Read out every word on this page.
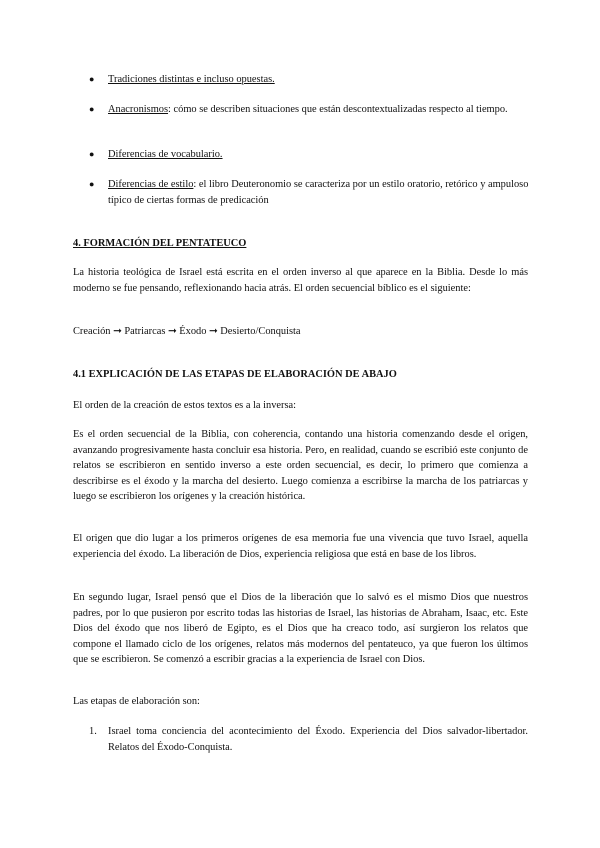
● Tradiciones distintas e incluso opuestas.
● Anacronismos: cómo se describen situaciones que están descontextualizadas respecto al tiempo.
● Diferencias de vocabulario.
● Diferencias de estilo: el libro Deuteronomio se caracteriza por un estilo oratorio, retórico y ampuloso típico de ciertas formas de predicación
4. FORMACIÓN DEL PENTATEUCO

La historia teológica de Israel está escrita en el orden inverso al que aparece en la Biblia. Desde lo más moderno se fue pensando, reflexionando hacia atrás. El orden secuencial bíblico es el siguiente:

Creación ➞ Patriarcas ➞ Éxodo ➞ Desierto/Conquista

4.1 EXPLICACIÓN DE LAS ETAPAS DE ELABORACIÓN DE ABAJO

El orden de la creación de estos textos es a la inversa:

Es el orden secuencial de la Biblia, con coherencia, contando una historia comenzando desde el origen, avanzando progresivamente hasta concluir esa historia. Pero, en realidad, cuando se escribió este conjunto de relatos se escribieron en sentido inverso a este orden secuencial, es decir, lo primero que comienza a describirse es el éxodo y la marcha del desierto. Luego comienza a escribirse la marcha de los patriarcas y luego se escribieron los orígenes y la creación histórica.

El origen que dio lugar a los primeros orígenes de esa memoria fue una vivencia que tuvo Israel, aquella experiencia del éxodo. La liberación de Dios, experiencia religiosa que está en base de los libros.

En segundo lugar, Israel pensó que el Dios de la liberación que lo salvó es el mismo Dios que nuestros padres, por lo que pusieron por escrito todas las historias de Israel, las historias de Abraham, Isaac, etc. Este Dios del éxodo que nos liberó de Egipto, es el Dios que ha creaco todo, así surgieron los relatos que compone el llamado ciclo de los orígenes, relatos más modernos del pentateuco, ya que fueron los últimos que se escribieron. Se comenzó a escribir gracias a la experiencia de Israel con Dios.

Las etapas de elaboración son:

1. Israel toma conciencia del acontecimiento del Éxodo. Experiencia del Dios salvador-libertador. Relatos del Éxodo-Conquista.
